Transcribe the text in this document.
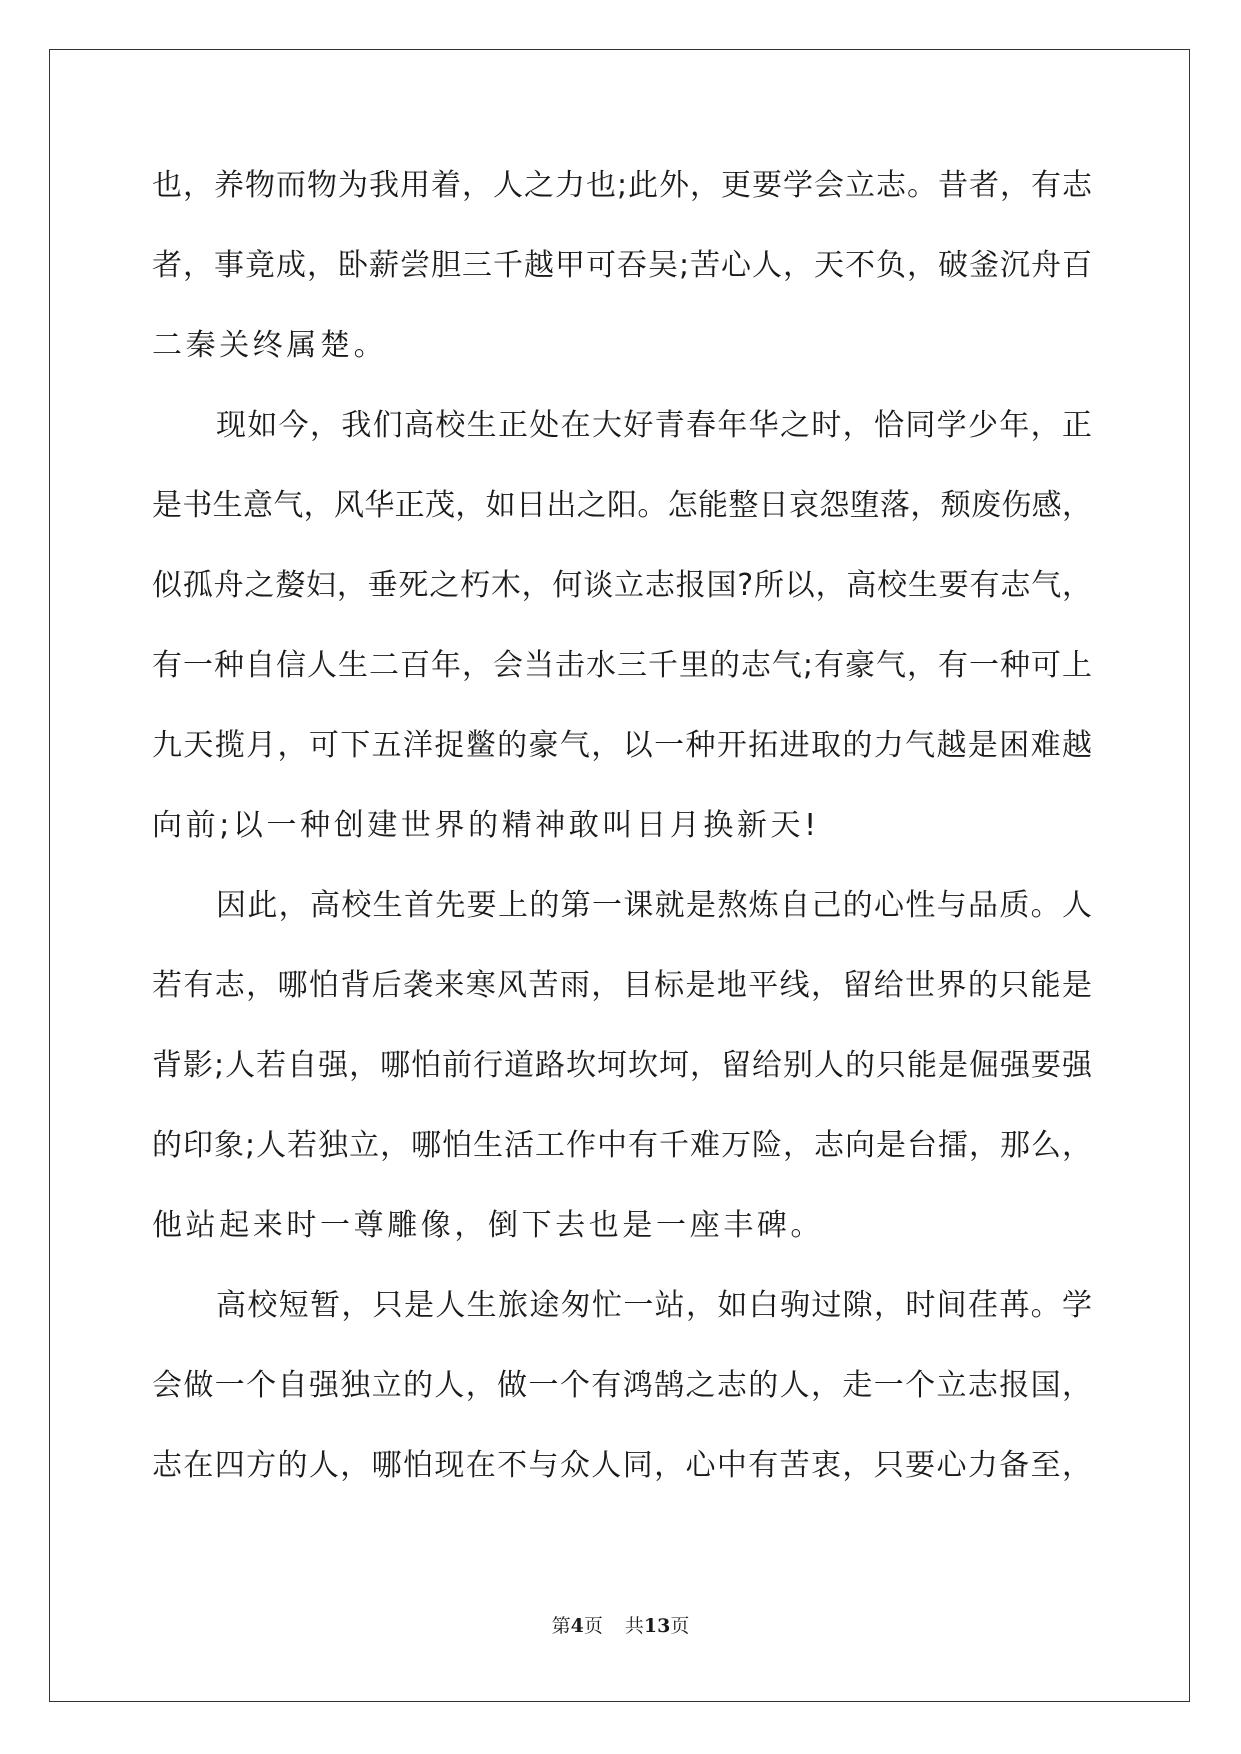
也，养物而物为我用着，人之力也;此外，更要学会立志。昔者，有志
者，事竟成，卧薪尝胆三千越甲可吞吴;苦心人，天不负，破釜沉舟百
二秦关终属楚。
现如今，我们高校生正处在大好青春年华之时，恰同学少年，正
是书生意气，风华正茂，如日出之阳。怎能整日哀怨堕落，颓废伤感，
似孤舟之嫠妇，垂死之朽木，何谈立志报国?所以，高校生要有志气，
有一种自信人生二百年，会当击水三千里的志气;有豪气，有一种可上
九天揽月，可下五洋捉鳖的豪气，以一种开拓进取的力气越是困难越
向前;以一种创建世界的精神敢叫日月换新天!
因此，高校生首先要上的第一课就是熬炼自己的心性与品质。人
若有志，哪怕背后袭来寒风苦雨，目标是地平线，留给世界的只能是
背影;人若自强，哪怕前行道路坎坷坎坷，留给别人的只能是倔强要强
的印象;人若独立，哪怕生活工作中有千难万险，志向是台擂，那么，
他站起来时一尊雕像，倒下去也是一座丰碑。
高校短暂，只是人生旅途匆忙一站，如白驹过隙，时间荏苒。学
会做一个自强独立的人，做一个有鸿鹄之志的人，走一个立志报国，
志在四方的人，哪怕现在不与众人同，心中有苦衷，只要心力备至，
第4页 共13页
